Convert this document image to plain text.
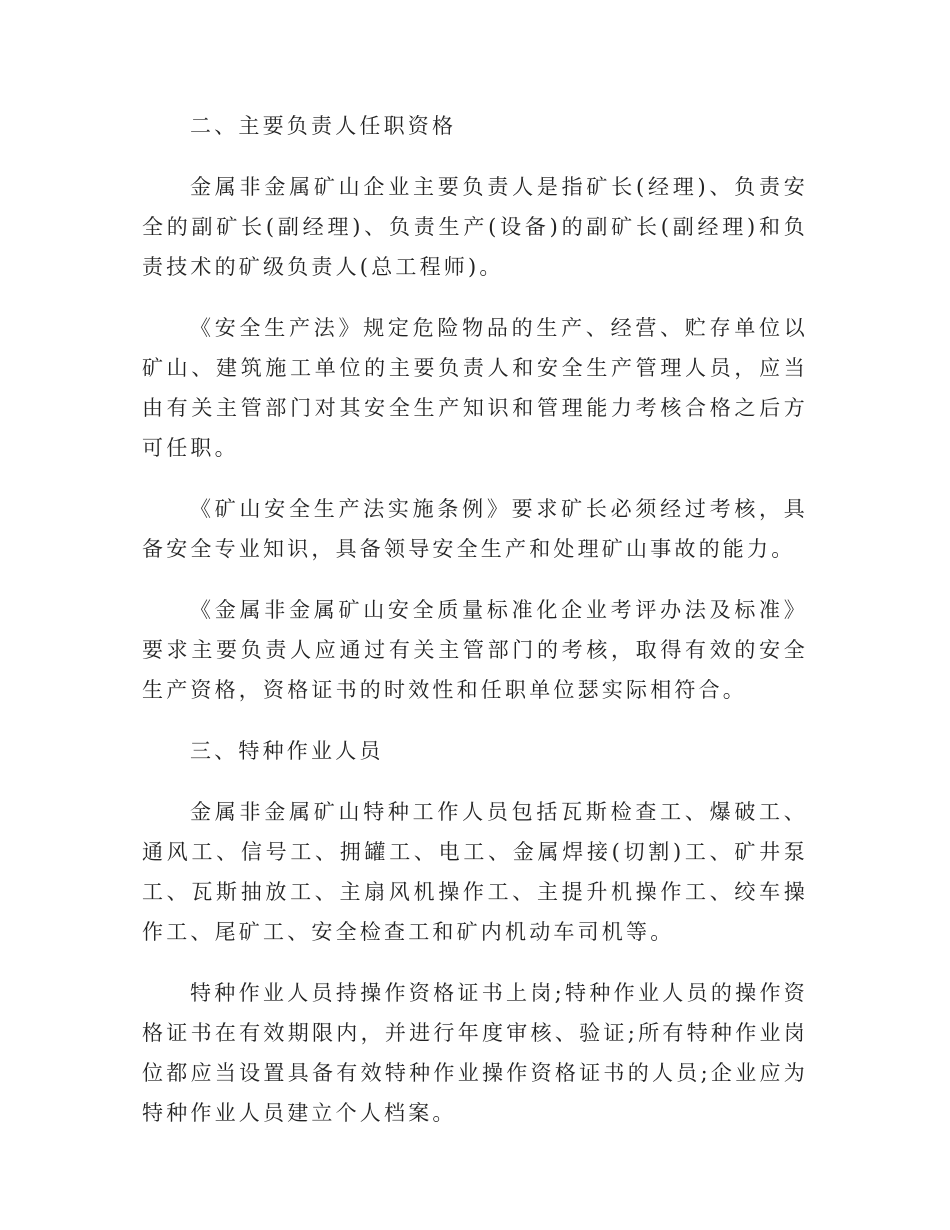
二、主要负责人任职资格

金属非金属矿山企业主要负责人是指矿长(经理)、负责安全的副矿长(副经理)、负责生产(设备)的副矿长(副经理)和负责技术的矿级负责人(总工程师)。

《安全生产法》规定危险物品的生产、经营、贮存单位以矿山、建筑施工单位的主要负责人和安全生产管理人员，应当由有关主管部门对其安全生产知识和管理能力考核合格之后方可任职。

《矿山安全生产法实施条例》要求矿长必须经过考核，具备安全专业知识，具备领导安全生产和处理矿山事故的能力。

《金属非金属矿山安全质量标准化企业考评办法及标准》要求主要负责人应通过有关主管部门的考核，取得有效的安全生产资格，资格证书的时效性和任职单位瑟实际相符合。

三、特种作业人员

金属非金属矿山特种工作人员包括瓦斯检查工、爆破工、通风工、信号工、拥罐工、电工、金属焊接(切割)工、矿井泵工、瓦斯抽放工、主扇风机操作工、主提升机操作工、绞车操作工、尾矿工、安全检查工和矿内机动车司机等。

特种作业人员持操作资格证书上岗;特种作业人员的操作资格证书在有效期限内，并进行年度审核、验证;所有特种作业岗位都应当设置具备有效特种作业操作资格证书的人员;企业应为特种作业人员建立个人档案。
